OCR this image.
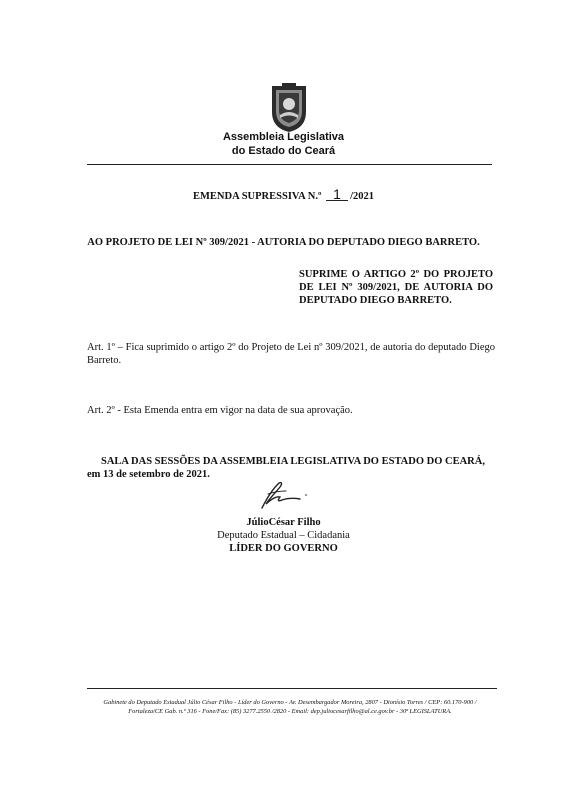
Assembleia Legislativa
do Estado do Ceará
EMENDA SUPRESSIVA N.º 1 /2021
AO PROJETO DE LEI Nº 309/2021 - AUTORIA DO DEPUTADO DIEGO BARRETO.
SUPRIME O ARTIGO 2º DO PROJETO DE LEI Nº 309/2021, DE AUTORIA DO DEPUTADO DIEGO BARRETO.
Art. 1º – Fica suprimido o artigo 2º do Projeto de Lei nº 309/2021, de autoria do deputado Diego Barreto.
Art. 2º - Esta Emenda entra em vigor na data de sua aprovação.
SALA DAS SESSÕES DA ASSEMBLEIA LEGISLATIVA DO ESTADO DO CEARÁ, em 13 de setembro de 2021.
JúlioCésar Filho
Deputado Estadual – Cidadania
LÍDER DO GOVERNO
Gabinete do Deputado Estadual Júlio César Filho - Líder do Governo - Av. Desembargador Moreira, 2807 - Dionísio Torres / CEP: 60.170-900 /
Fortaleza/CE Gab. n.º 316 - Fone/Fax: (85) 3277.2550 /2820 - Email: dep.juliocesarfilho@al.ce.gov.br - 30ª LEGISLATURA.
